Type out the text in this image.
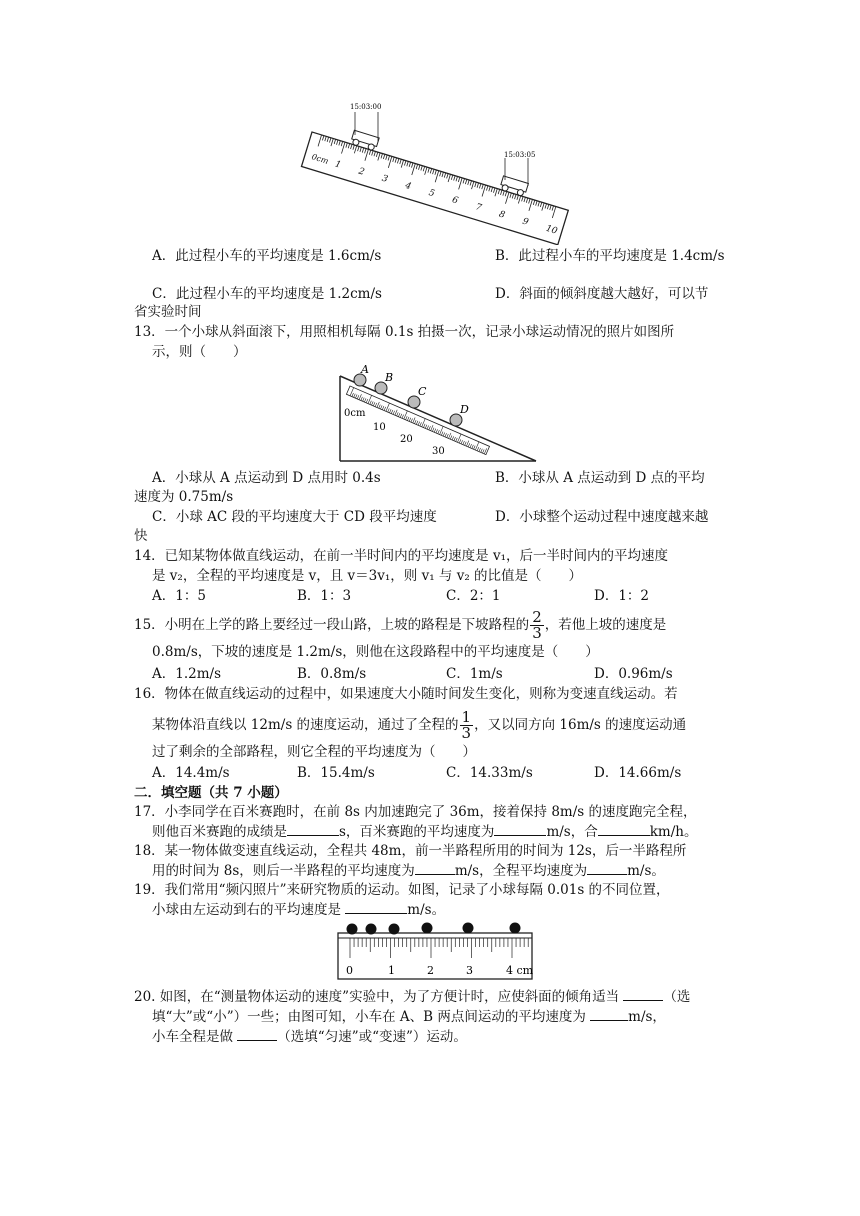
0cm 1
2
3
4
5
6
7
8
9
10
15:03:00
15:03:05
A．此过程小车的平均速度是 1.6cm/s	B．此过程小车的平均速度是 1.4cm/s
C．此过程小车的平均速度是 1.2cm/s	D．斜面的倾斜度越大越好，可以节
省实验时间
13．一个小球从斜面滚下，用照相机每隔 0.1s 拍摄一次，记录小球运动情况的照片如图所
示，则（　　）
A
B
C
D
0cm
10
20
30
A．小球从 A 点运动到 D 点用时 0.4s	B．小球从 A 点运动到 D 点的平均
速度为 0.75m/s
C．小球 AC 段的平均速度大于 CD 段平均速度	D．小球整个运动过程中速度越来越
快
14．已知某物体做直线运动，在前一半时间内的平均速度是 v₁，后一半时间内的平均速度
是 v₂，全程的平均速度是 v，且 v＝3v₁，则 v₁ 与 v₂ 的比值是（　　）
A．1：5	B．1：3	C．2：1	D．1：2
15．小明在上学的路上要经过一段山路，上坡的路程是下坡路程的 $\frac{2}{3}$ ，若他上坡的速度是
0.8m/s，下坡的速度是 1.2m/s，则他在这段路程中的平均速度是（　　）
A．1.2m/s	B．0.8m/s	C．1m/s	D．0.96m/s
16．物体在做直线运动的过程中，如果速度大小随时间发生变化，则称为变速直线运动。若
某物体沿直线以 12m/s 的速度运动，通过了全程的 $\frac{1}{3}$ ，又以同方向 16m/s 的速度运动通
过了剩余的全部路程，则它全程的平均速度为（　　）
A．14.4m/s	B．15.4m/s	C．14.33m/s	D．14.66m/s
二．填空题（共 7 小题）
17．小李同学在百米赛跑时，在前 8s 内加速跑完了 36m，接着保持 8m/s 的速度跑完全程，
则他百米赛跑的成绩是	s，百米赛跑的平均速度为	m/s，合	km/h。
18．某一物体做变速直线运动，全程共 48m，前一半路程所用的时间为 12s，后一半路程所
用的时间为 8s，则后一半路程的平均速度为	m/s，全程平均速度为	m/s。
19．我们常用“频闪照片”来研究物质的运动。如图，记录了小球每隔 0.01s 的不同位置，
小球由左运动到右的平均速度是	m/s。
0	1	2	3	4 cm
20. 如图，在“测量物体运动的速度”实验中，为了方便计时，应使斜面的倾角适当	（选
填“大”或“小”）一些；由图可知，小车在 A、B 两点间运动的平均速度为	m/s，
小车全程是做	（选填“匀速”或“变速”）运动。
